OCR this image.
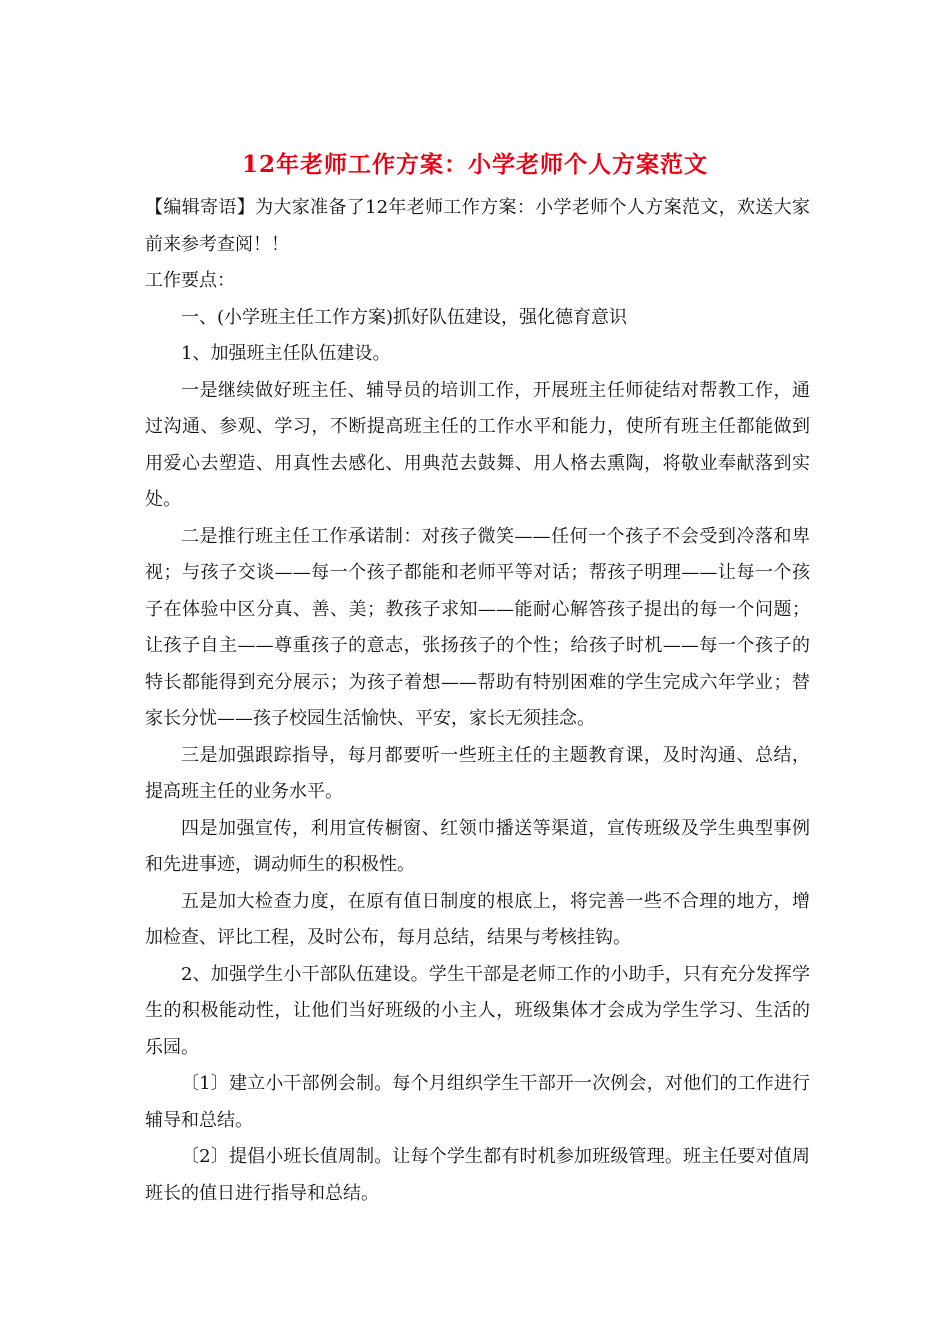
12年老师工作方案：小学老师个人方案范文

【编辑寄语】为大家准备了12年老师工作方案：小学老师个人方案范文，欢送大家前来参考查阅！！

工作要点：

一、(小学班主任工作方案)抓好队伍建设，强化德育意识

1、加强班主任队伍建设。

一是继续做好班主任、辅导员的培训工作，开展班主任师徒结对帮教工作，通过沟通、参观、学习，不断提高班主任的工作水平和能力，使所有班主任都能做到用爱心去塑造、用真性去感化、用典范去鼓舞、用人格去熏陶，将敬业奉献落到实处。

二是推行班主任工作承诺制：对孩子微笑——任何一个孩子不会受到冷落和卑视；与孩子交谈——每一个孩子都能和老师平等对话；帮孩子明理——让每一个孩子在体验中区分真、善、美；教孩子求知——能耐心解答孩子提出的每一个问题；让孩子自主——尊重孩子的意志，张扬孩子的个性；给孩子时机——每一个孩子的特长都能得到充分展示；为孩子着想——帮助有特别困难的学生完成六年学业；替家长分忧——孩子校园生活愉快、平安，家长无须挂念。

三是加强跟踪指导，每月都要听一些班主任的主题教育课，及时沟通、总结，提高班主任的业务水平。

四是加强宣传，利用宣传橱窗、红领巾播送等渠道，宣传班级及学生典型事例和先进事迹，调动师生的积极性。

五是加大检查力度，在原有值日制度的根底上，将完善一些不合理的地方，增加检查、评比工程，及时公布，每月总结，结果与考核挂钩。

2、加强学生小干部队伍建设。学生干部是老师工作的小助手，只有充分发挥学生的积极能动性，让他们当好班级的小主人，班级集体才会成为学生学习、生活的乐园。

〔1〕建立小干部例会制。每个月组织学生干部开一次例会，对他们的工作进行辅导和总结。

〔2〕提倡小班长值周制。让每个学生都有时机参加班级管理。班主任要对值周班长的值日进行指导和总结。
